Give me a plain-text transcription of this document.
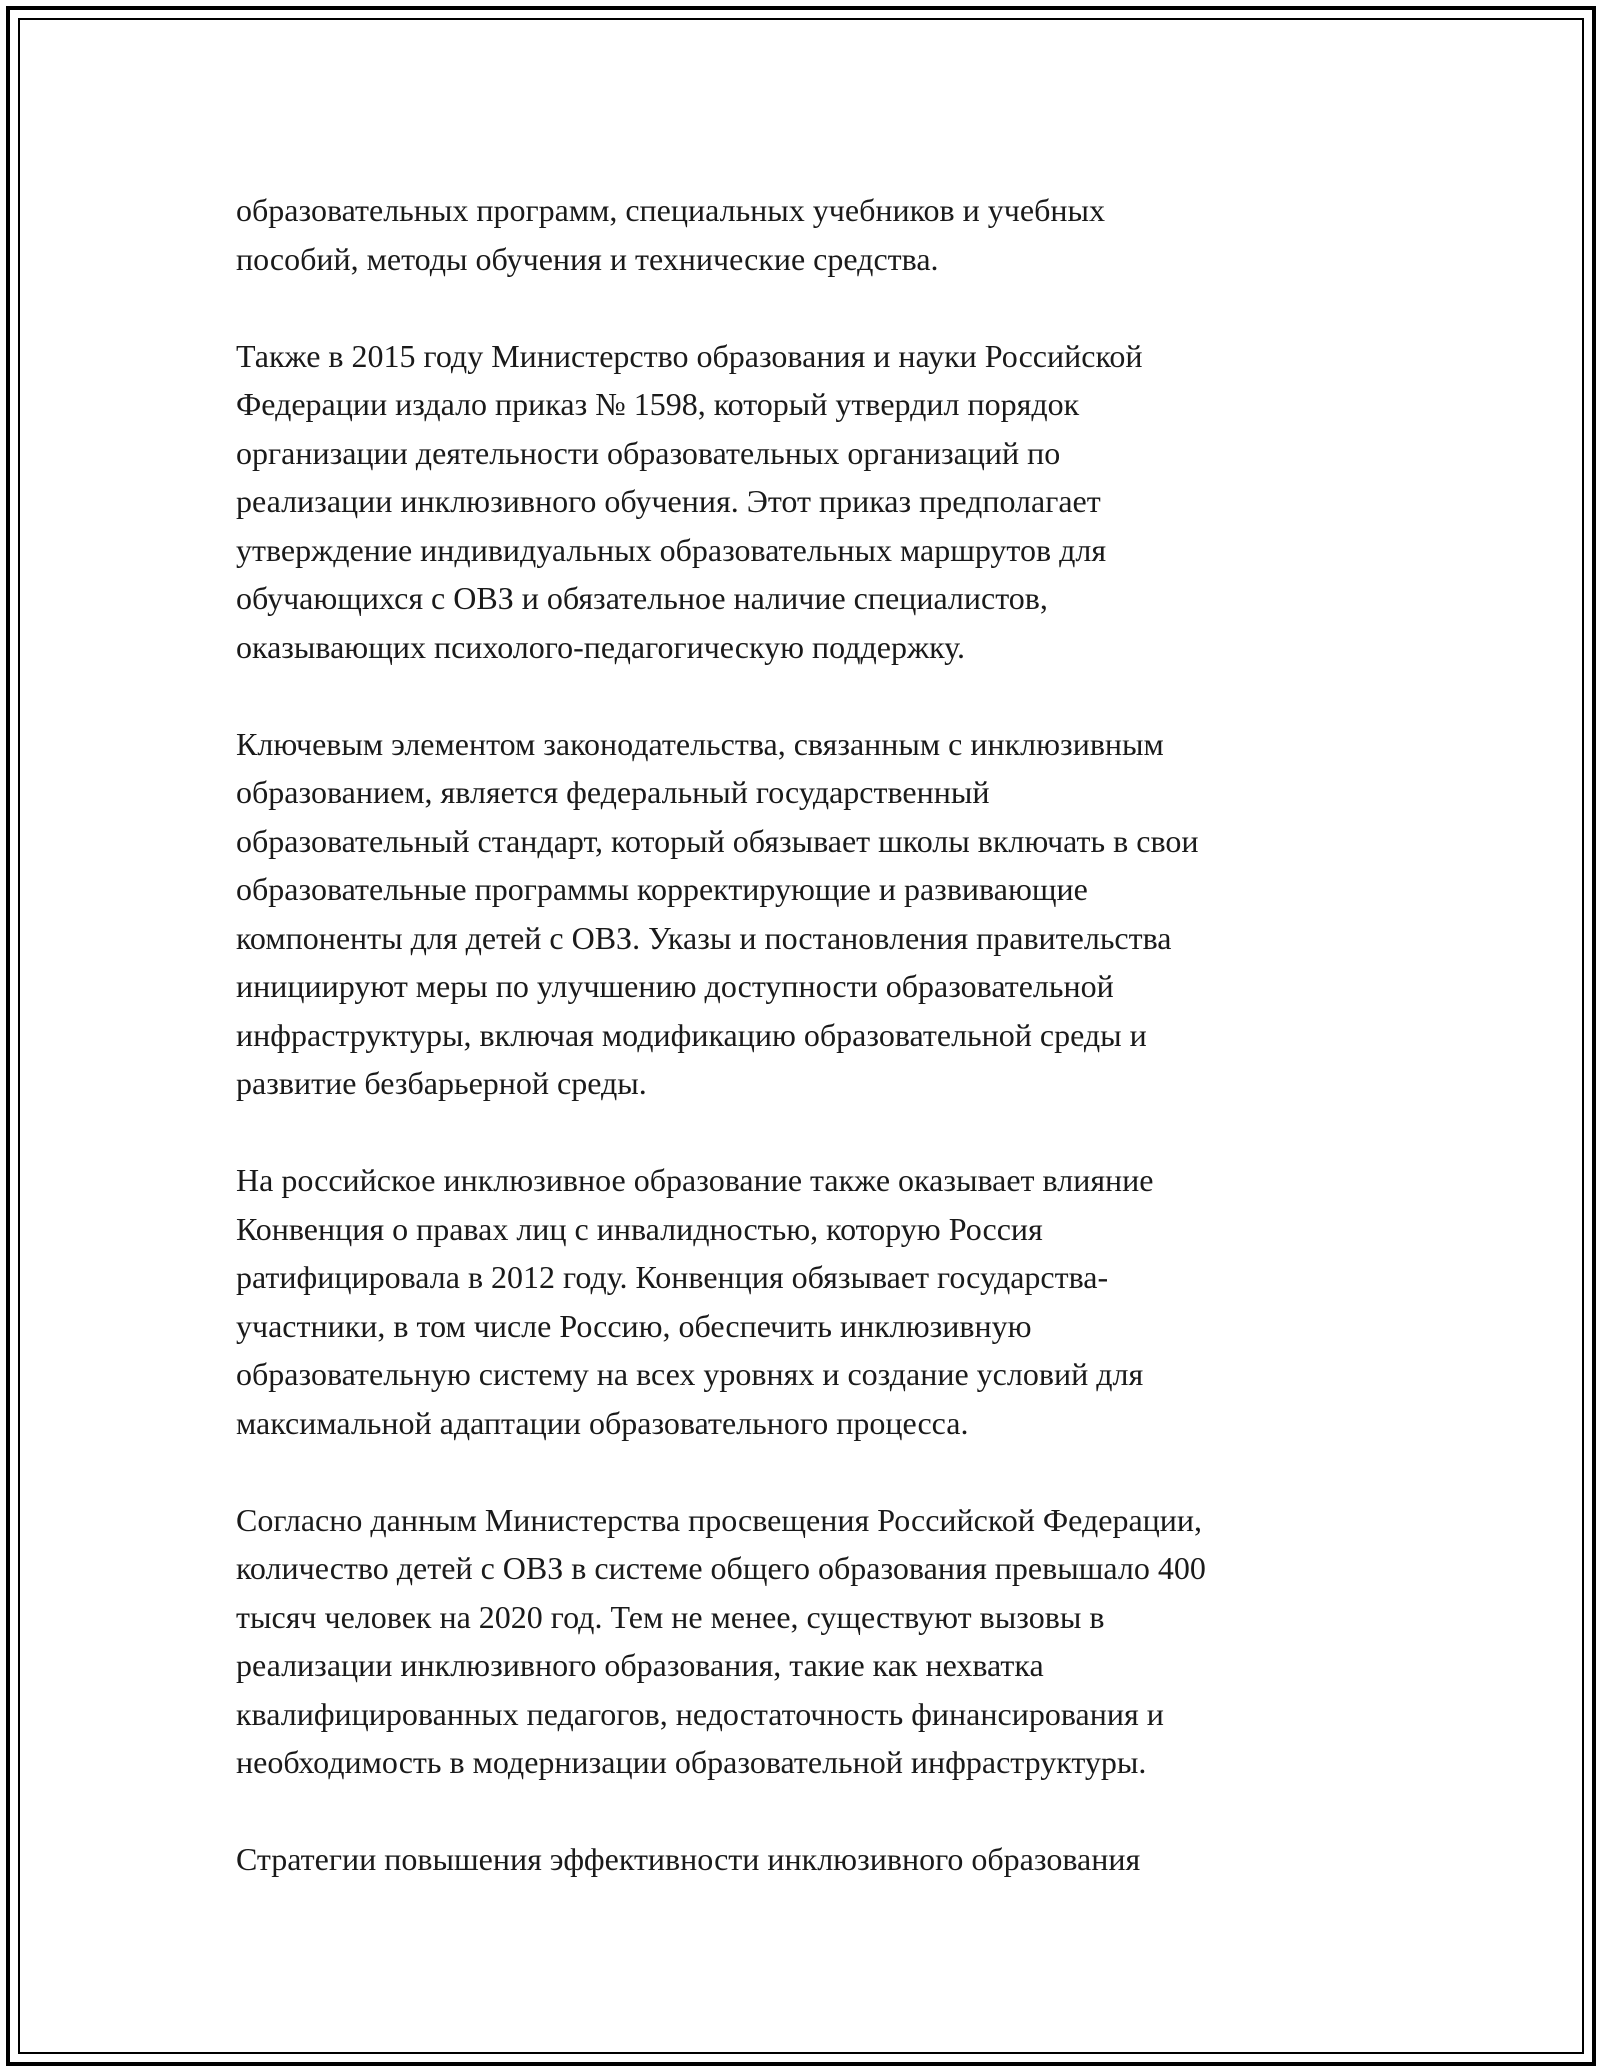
образовательных программ, специальных учебников и учебных
пособий, методы обучения и технические средства.

Также в 2015 году Министерство образования и науки Российской
Федерации издало приказ № 1598, который утвердил порядок
организации деятельности образовательных организаций по
реализации инклюзивного обучения. Этот приказ предполагает
утверждение индивидуальных образовательных маршрутов для
обучающихся с ОВЗ и обязательное наличие специалистов,
оказывающих психолого-педагогическую поддержку.

Ключевым элементом законодательства, связанным с инклюзивным
образованием, является федеральный государственный
образовательный стандарт, который обязывает школы включать в свои
образовательные программы корректирующие и развивающие
компоненты для детей с ОВЗ. Указы и постановления правительства
инициируют меры по улучшению доступности образовательной
инфраструктуры, включая модификацию образовательной среды и
развитие безбарьерной среды.

На российское инклюзивное образование также оказывает влияние
Конвенция о правах лиц с инвалидностью, которую Россия
ратифицировала в 2012 году. Конвенция обязывает государства-
участники, в том числе Россию, обеспечить инклюзивную
образовательную систему на всех уровнях и создание условий для
максимальной адаптации образовательного процесса.

Согласно данным Министерства просвещения Российской Федерации,
количество детей с ОВЗ в системе общего образования превышало 400
тысяч человек на 2020 год. Тем не менее, существуют вызовы в
реализации инклюзивного образования, такие как нехватка
квалифицированных педагогов, недостаточность финансирования и
необходимость в модернизации образовательной инфраструктуры.

Стратегии повышения эффективности инклюзивного образования
